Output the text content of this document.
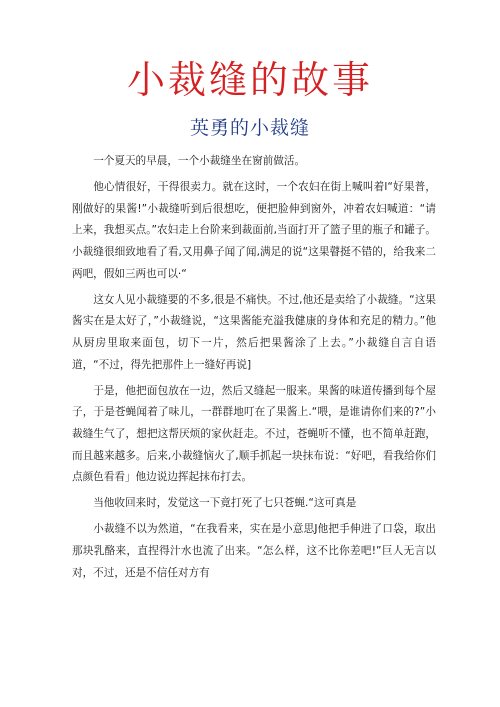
小裁缝的故事
英勇的小裁缝

一个夏天的早晨，一个小裁缝坐在窗前做活。

他心情很好，干得很卖力。就在这时，一个农妇在街上喊叫着l“好果普，刚做好的果酱!”小裁缝听到后很想吃，便把脸伸到窗外，冲着农妇喊道：“请上来，我想买点。”农妇走上台阶来到裁面前,当面打开了篮子里的瓶子和罐子。小裁缝很细致地看了看,又用鼻子闻了闻,满足的说“这果瞽挺不错的，给我来二两吧，假如三两也可以·“

这女人见小裁缝要的不多,很是不痛快。不过,他还是卖给了小裁缝。“这果酱实在是太好了，”小裁缝说，“这果酱能充溢我健康的身体和充足的精力。”他从厨房里取来面包，切下一片，然后把果酱涂了上去。”小裁缝自言自语道，“不过，得先把那件上一缝好再说]

于是，他把面包放在一边，然后又缝起一服来。果酱的味道传播到每个屋子，于是苍蝇闻着了味儿，一群群地叮在了果酱上.“喂，是谁请你们来的?”小裁缝生气了，想把这帮厌烦的家伙赶走。不过，苍蝇听不懂，也不简单赶跑，而且越来越多。后来,小裁缝恼火了,顺手抓起一块抹布说：“好吧，看我给你们点颜色看看」他边说边挥起抹布打去。

当他收回来时，发觉这一下竟打死了七只苍蝇.“这可真是

小裁缝不以为然道，“在我看来，实在是小意思J他把手伸进了口袋，取出那块乳酪来，直捏得汁水也流了出来。“怎么样，这不比你差吧!”巨人无言以对，不过，还是不信任对方有
